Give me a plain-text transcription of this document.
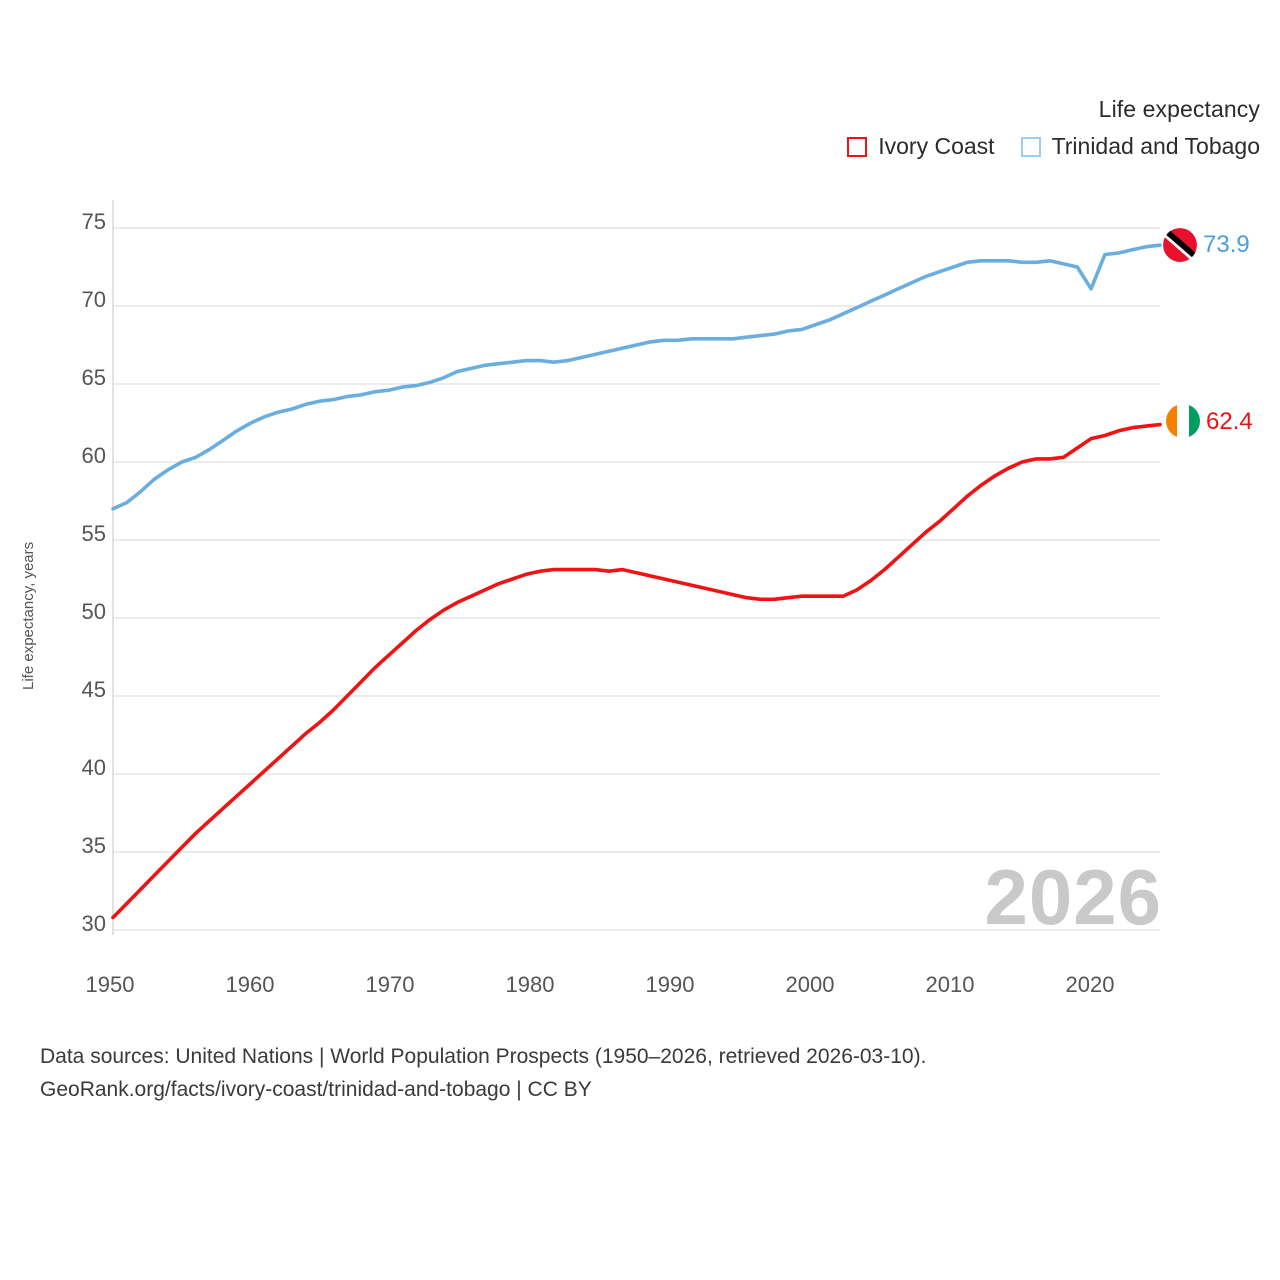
Life expectancy
Ivory Coast Trinidad and Tobago
Life expectancy, years
75
70
65
60
55
50
45
40
35
30
1950	1960	1970	1980	1990	2000	2010	2020
2026
73.9
62.4
Data sources: United Nations | World Population Prospects (1950–2026, retrieved 2026-03-10).
GeoRank.org/facts/ivory-coast/trinidad-and-tobago | CC BY
